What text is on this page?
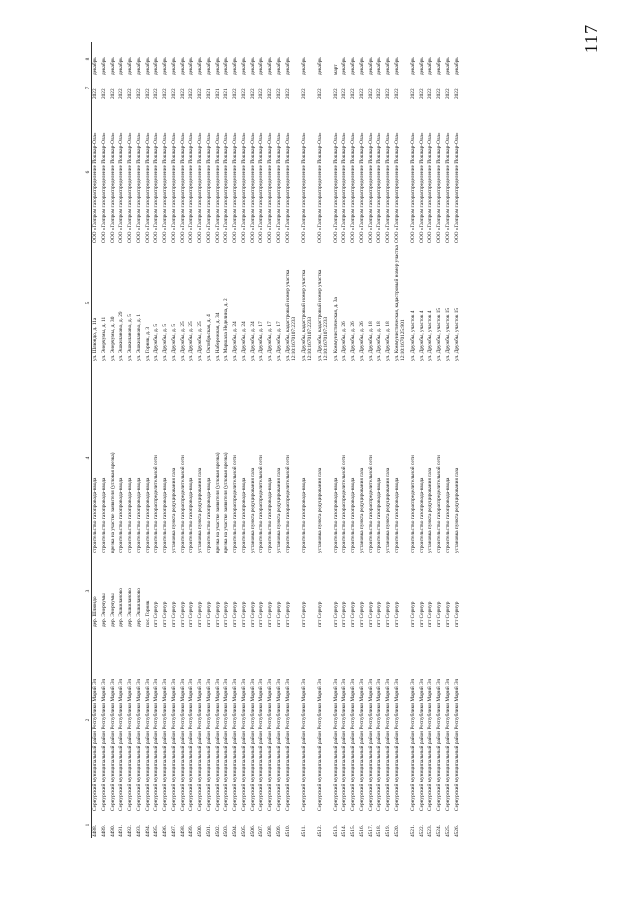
117
1	2	3	4	5	6	7	8
4488.	Сернурский муниципальный район Республики Марий Эл	дер. Шлюндо	строительство газопровода-ввода	ул. Шлюндо, д. 11а	ООО «Газпром газораспределение Йошкар-Ола»	2022	декабрь
4489.	Сернурский муниципальный район Республики Марий Эл	дер. Энерчумы	строительство газопровода-ввода	ул. Энерчумы, д. 11	ООО «Газпром газораспределение Йошкар-Ола»	2022	декабрь
4490.	Сернурский муниципальный район Республики Марий Эл	дер. Энерчумы	врезка на участке заявителя (угловая врезка)	ул. Энерчумы, д. 30	ООО «Газпром газораспределение Йошкар-Ола»	2022	декабрь
4491.	Сернурский муниципальный район Республики Марий Эл	дер. Эшкиланово	строительство газопровода-ввода	ул. Эшкиланово, д. 29	ООО «Газпром газораспределение Йошкар-Ола»	2022	декабрь
4492.	Сернурский муниципальный район Республики Марий Эл	дер. Эшкиланово	строительство газопровода-ввода	ул. Эшкиланово, д. 5	ООО «Газпром газораспределение Йошкар-Ола»	2022	декабрь
4493.	Сернурский муниципальный район Республики Марий Эл	дер. Эшкиланово	строительство газопровода-ввода	ул. Эшкиланово, д. 1	ООО «Газпром газораспределение Йошкар-Ола»	2022	декабрь
4494.	Сернурский муниципальный район Республики Марий Эл	пос. Горняк	строительство газопровода-ввода	ул. Горняк, д. 3	ООО «Газпром газораспределение Йошкар-Ола»	2022	декабрь
4495.	Сернурский муниципальный район Республики Марий Эл	пгт Сернур	строительство газораспределительной сети	ул. Дружбы, д. 5	ООО «Газпром газораспределение Йошкар-Ола»	2022	декабрь
4496.	Сернурский муниципальный район Республики Марий Эл	пгт Сернур	строительство газопровода-ввода	ул. Дружбы, д. 5	ООО «Газпром газораспределение Йошкар-Ола»	2022	декабрь
4497.	Сернурский муниципальный район Республики Марий Эл	пгт Сернур	установка пункта редуцирования газа	ул. Дружбы, д. 5	ООО «Газпром газораспределение Йошкар-Ола»	2022	декабрь
4498.	Сернурский муниципальный район Республики Марий Эл	пгт Сернур	строительство газораспределительной сети	ул. Дружбы, д. 25	ООО «Газпром газораспределение Йошкар-Ола»	2022	декабрь
4499.	Сернурский муниципальный район Республики Марий Эл	пгт Сернур	строительство газопровода-ввода	ул. Дружбы, д. 25	ООО «Газпром газораспределение Йошкар-Ола»	2022	декабрь
4500.	Сернурский муниципальный район Республики Марий Эл	пгт Сернур	установка пункта редуцирования газа	ул. Дружбы, д. 25	ООО «Газпром газораспределение Йошкар-Ола»	2022	декабрь
4501.	Сернурский муниципальный район Республики Марий Эл	пгт Сернур	строительство газопровода-ввода	ул. Октябрьская, д. 4	ООО «Газпром газораспределение Йошкар-Ола»	2021	декабрь
4502.	Сернурский муниципальный район Республики Марий Эл	пгт Сернур	врезка на участке заявителя (угловая врезка)	ул. Набережная, д. 34	ООО «Газпром газораспределение Йошкар-Ола»	2021	декабрь
4503.	Сернурский муниципальный район Республики Марий Эл	пгт Сернур	врезка на участке заявителя (угловая врезка)	ул. Маршала Неделина, д. 2	ООО «Газпром газораспределение Йошкар-Ола»	2021	декабрь
4504.	Сернурский муниципальный район Республики Марий Эл	пгт Сернур	строительство газораспределительной сети	ул. Дружбы, д. 24	ООО «Газпром газораспределение Йошкар-Ола»	2022	декабрь
4505.	Сернурский муниципальный район Республики Марий Эл	пгт Сернур	строительство газопровода-ввода	ул. Дружбы, д. 24	ООО «Газпром газораспределение Йошкар-Ола»	2022	декабрь
4506.	Сернурский муниципальный район Республики Марий Эл	пгт Сернур	установка пункта редуцирования газа	ул. Дружбы, д. 24	ООО «Газпром газораспределение Йошкар-Ола»	2022	декабрь
4507.	Сернурский муниципальный район Республики Марий Эл	пгт Сернур	строительство газораспределительной сети	ул. Дружбы, д. 17	ООО «Газпром газораспределение Йошкар-Ола»	2022	декабрь
4508.	Сернурский муниципальный район Республики Марий Эл	пгт Сернур	строительство газопровода-ввода	ул. Дружбы, д. 17	ООО «Газпром газораспределение Йошкар-Ола»	2022	декабрь
4509.	Сернурский муниципальный район Республики Марий Эл	пгт Сернур	установка пункта редуцирования газа	ул. Дружбы, д. 17	ООО «Газпром газораспределение Йошкар-Ола»	2022	декабрь
4510.	Сернурский муниципальный район Республики Марий Эл	пгт Сернур	строительство газораспределительной сети	ул. Дружбы, кадастровый номер участка 12:10:1670107:2233	ООО «Газпром газораспределение Йошкар-Ола»	2022	декабрь
4511.	Сернурский муниципальный район Республики Марий Эл	пгт Сернур	строительство газопровода-ввода	ул. Дружбы, кадастровый номер участка 12:10:1670107:2233	ООО «Газпром газораспределение Йошкар-Ола»	2022	декабрь
4512.	Сернурский муниципальный район Республики Марий Эл	пгт Сернур	установка пункта редуцирования газа	ул. Дружбы, кадастровый номер участка 12:10:1670107:2233	ООО «Газпром газораспределение Йошкар-Ола»	2022	декабрь
4513.	Сернурский муниципальный район Республики Марий Эл	пгт Сернур	строительство газопровода-ввода	ул. Коммунистическая, д. 3а	ООО «Газпром газораспределение Йошкар-Ола»	2022	март
4514.	Сернурский муниципальный район Республики Марий Эл	пгт Сернур	строительство газораспределительной сети	ул. Дружбы, д. 26	ООО «Газпром газораспределение Йошкар-Ола»	2022	декабрь
4515.	Сернурский муниципальный район Республики Марий Эл	пгт Сернур	строительство газопровода-ввода	ул. Дружбы, д. 26	ООО «Газпром газораспределение Йошкар-Ола»	2022	декабрь
4516.	Сернурский муниципальный район Республики Марий Эл	пгт Сернур	установка пункта редуцирования газа	ул. Дружбы, д. 26	ООО «Газпром газораспределение Йошкар-Ола»	2022	декабрь
4517.	Сернурский муниципальный район Республики Марий Эл	пгт Сернур	строительство газораспределительной сети	ул. Дружбы, д. 18	ООО «Газпром газораспределение Йошкар-Ола»	2022	декабрь
4518.	Сернурский муниципальный район Республики Марий Эл	пгт Сернур	строительство газопровода-ввода	ул. Дружбы, д. 18	ООО «Газпром газораспределение Йошкар-Ола»	2022	декабрь
4519.	Сернурский муниципальный район Республики Марий Эл	пгт Сернур	установка пункта редуцирования газа	ул. Дружбы, д. 18	ООО «Газпром газораспределение Йошкар-Ола»	2022	декабрь
4520.	Сернурский муниципальный район Республики Марий Эл	пгт Сернур	строительство газопровода-ввода	ул. Коммунистическая, кадастровый номер участка 12:10:1670125:901	ООО «Газпром газораспределение Йошкар-Ола»	2022	декабрь
4521.	Сернурский муниципальный район Республики Марий Эл	пгт Сернур	строительство газораспределительной сети	ул. Дружбы, участок 4	ООО «Газпром газораспределение Йошкар-Ола»	2022	декабрь
4522.	Сернурский муниципальный район Республики Марий Эл	пгт Сернур	строительство газопровода-ввода	ул. Дружбы, участок 4	ООО «Газпром газораспределение Йошкар-Ола»	2022	декабрь
4523.	Сернурский муниципальный район Республики Марий Эл	пгт Сернур	установка пункта редуцирования газа	ул. Дружбы, участок 4	ООО «Газпром газораспределение Йошкар-Ола»	2022	декабрь
4524.	Сернурский муниципальный район Республики Марий Эл	пгт Сернур	строительство газораспределительной сети	ул. Дружбы, участок 15	ООО «Газпром газораспределение Йошкар-Ола»	2022	декабрь
4525.	Сернурский муниципальный район Республики Марий Эл	пгт Сернур	строительство газопровода-ввода	ул. Дружбы, участок 15	ООО «Газпром газораспределение Йошкар-Ола»	2022	декабрь
4526.	Сернурский муниципальный район Республики Марий Эл	пгт Сернур	установка пункта редуцирования газа	ул. Дружбы, участок 15	ООО «Газпром газораспределение Йошкар-Ола»	2022	декабрь
